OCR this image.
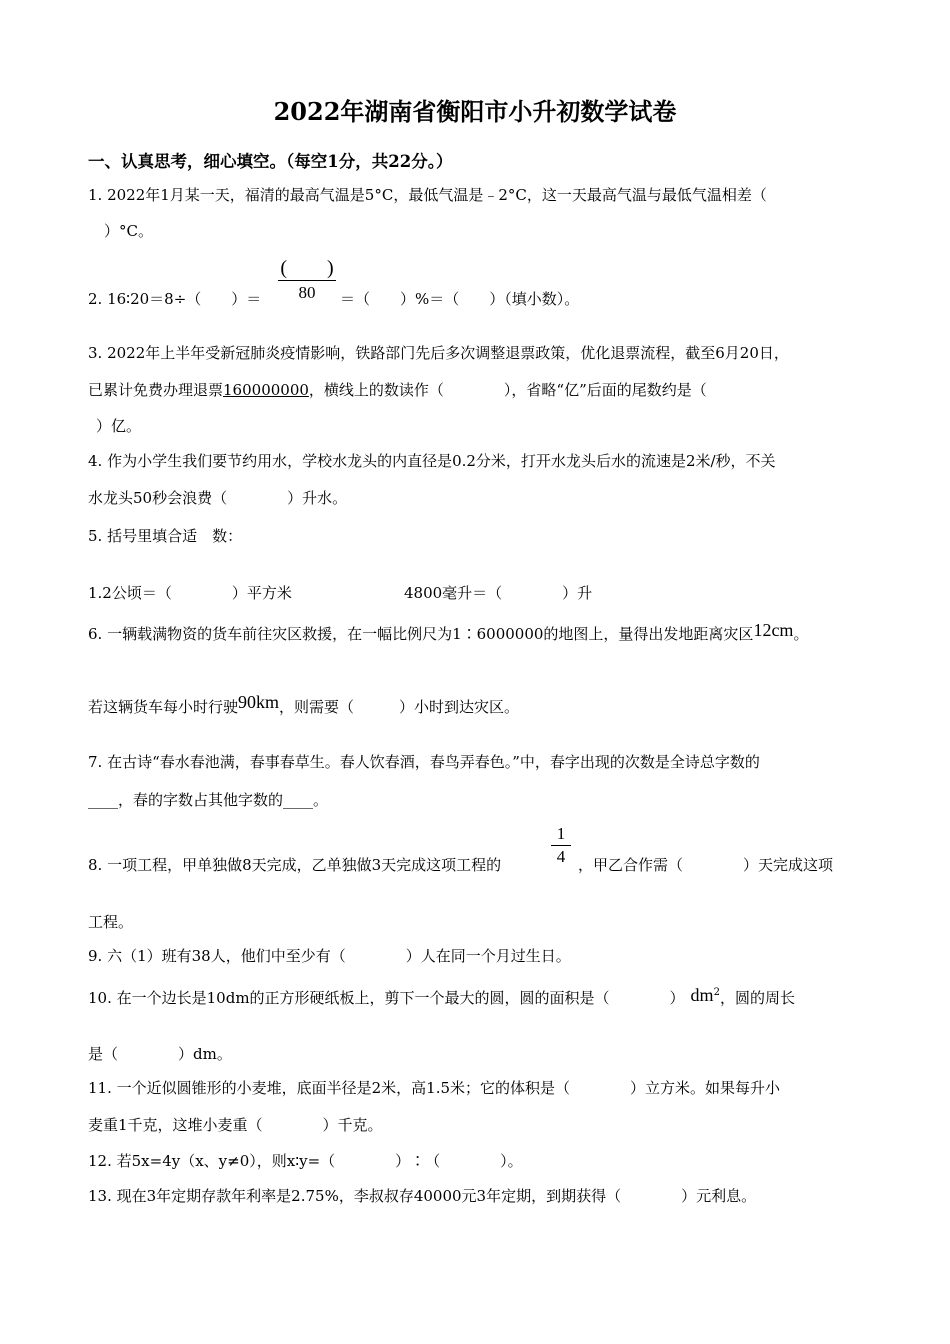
2022年湖南省衡阳市小升初数学试卷
一、认真思考，细心填空。（每空1分，共22分。）
1. 2022年1月某一天，福清的最高气温是5°C，最低气温是﹣2°C，这一天最高气温与最低气温相差（
）°C。
2. 16∶20＝8÷（　　）＝
(　　)
80	＝（　　）%＝（　　）（填小数）。
3. 2022年上半年受新冠肺炎疫情影响，铁路部门先后多次调整退票政策，优化退票流程，截至6月20日，
已累计免费办理退票160000000，横线上的数读作（　　　　），省略“亿”后面的尾数约是（
）亿。
4. 作为小学生我们要节约用水，学校水龙头的内直径是0.2分米，打开水龙头后水的流速是2米/秒，不关
水龙头50秒会浪费（　　　　）升水。
5. 括号里填合适　数：
1.2公顷＝（　　　　）平方米	4800毫升＝（　　　　）升
6. 一辆载满物资的货车前往灾区救援，在一幅比例尺为1∶6000000的地图上，量得出发地距离灾区12cm。
若这辆货车每小时行驶90km，则需要（　　　）小时到达灾区。
7. 在古诗“春水春池满，春事春草生。春人饮春酒，春鸟弄春色。”中，春字出现的次数是全诗总字数的
____，春的字数占其他字数的____。
8. 一项工程，甲单独做8天完成，乙单独做3天完成这项工程的
1
4 ，甲乙合作需（　　　　）天完成这项
工程。
9. 六（1）班有38人，他们中至少有（　　　　）人在同一个月过生日。
10. 在一个边长是10dm的正方形硬纸板上，剪下一个最大的圆，圆的面积是（　　　　） $dm^2$，圆的周长
是（　　　　）dm。
11. 一个近似圆锥形的小麦堆，底面半径是2米，高1.5米；它的体积是（　　　　）立方米。如果每升小
麦重1千克，这堆小麦重（　　　　）千克。
12. 若5x=4y（x、y≠0），则x∶y=（　　　　）∶（　　　　）。
13. 现在3年定期存款年利率是2.75%，李叔叔存40000元3年定期，到期获得（　　　　）元利息。
